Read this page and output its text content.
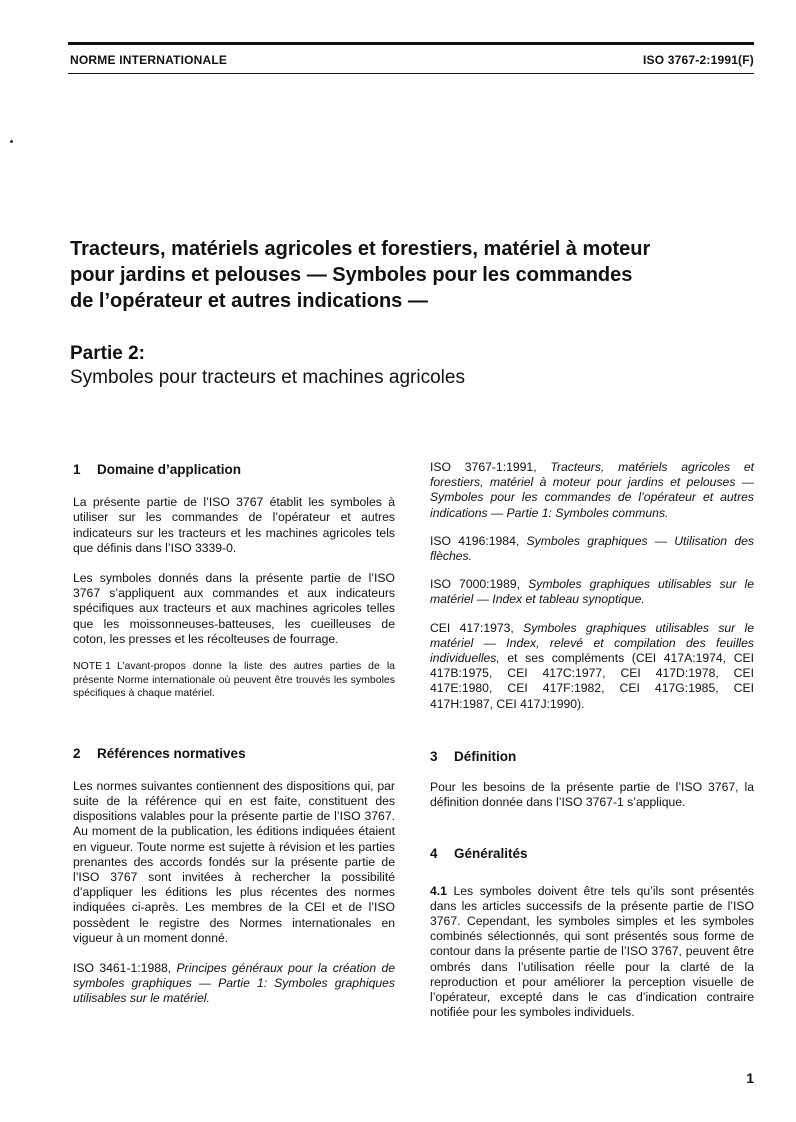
NORME INTERNATIONALE	ISO 3767-2:1991(F)
Tracteurs, matériels agricoles et forestiers, matériel à moteur
pour jardins et pelouses — Symboles pour les commandes
de l’opérateur et autres indications —
Partie 2:
Symboles pour tracteurs et machines agricoles
1 Domaine d’application

La présente partie de l’ISO 3767 établit les symboles à utiliser sur les commandes de l’opérateur et autres indicateurs sur les tracteurs et les machines agricoles tels que définis dans l’ISO 3339-0.

Les symboles donnés dans la présente partie de l’ISO 3767 s’appliquent aux commandes et aux indicateurs spécifiques aux tracteurs et aux machines agricoles telles que les moissonneuses-batteuses, les cueilleuses de coton, les presses et les récolteuses de fourrage.

NOTE 1 L’avant-propos donne la liste des autres parties de la présente Norme internationale où peuvent être trouvés les symboles spécifiques à chaque matériel.

2 Références normatives

Les normes suivantes contiennent des dispositions qui, par suite de la référence qui en est faite, constituent des dispositions valables pour la présente partie de l’ISO 3767. Au moment de la publication, les éditions indiquées étaient en vigueur. Toute norme est sujette à révision et les parties prenantes des accords fondés sur la présente partie de l’ISO 3767 sont invitées à rechercher la possibilité d’appliquer les éditions les plus récentes des normes indiquées ci-après. Les membres de la CEI et de l’ISO possèdent le registre des Normes internationales en vigueur à un moment donné.

ISO 3461-1:1988, Principes généraux pour la création de symboles graphiques — Partie 1: Symboles graphiques utilisables sur le matériel.

ISO 3767-1:1991, Tracteurs, matériels agricoles et forestiers, matériel à moteur pour jardins et pelouses — Symboles pour les commandes de l’opérateur et autres indications — Partie 1: Symboles communs.

ISO 4196:1984, Symboles graphiques — Utilisation des flèches.

ISO 7000:1989, Symboles graphiques utilisables sur le matériel — Index et tableau synoptique.

CEI 417:1973, Symboles graphiques utilisables sur le matériel — Index, relevé et compilation des feuilles individuelles, et ses compléments (CEI 417A:1974, CEI 417B:1975, CEI 417C:1977, CEI 417D:1978, CEI 417E:1980, CEI 417F:1982, CEI 417G:1985, CEI 417H:1987, CEI 417J:1990).

3 Définition

Pour les besoins de la présente partie de l’ISO 3767, la définition donnée dans l’ISO 3767-1 s’applique.

4 Généralités

4.1 Les symboles doivent être tels qu’ils sont présentés dans les articles successifs de la présente partie de l’ISO 3767. Cependant, les symboles simples et les symboles combinés sélectionnés, qui sont présentés sous forme de contour dans la présente partie de l’ISO 3767, peuvent être ombrés dans l’utilisation réelle pour la clarté de la reproduction et pour améliorer la perception visuelle de l’opérateur, excepté dans le cas d’indication contraire notifiée pour les symboles individuels.

1
